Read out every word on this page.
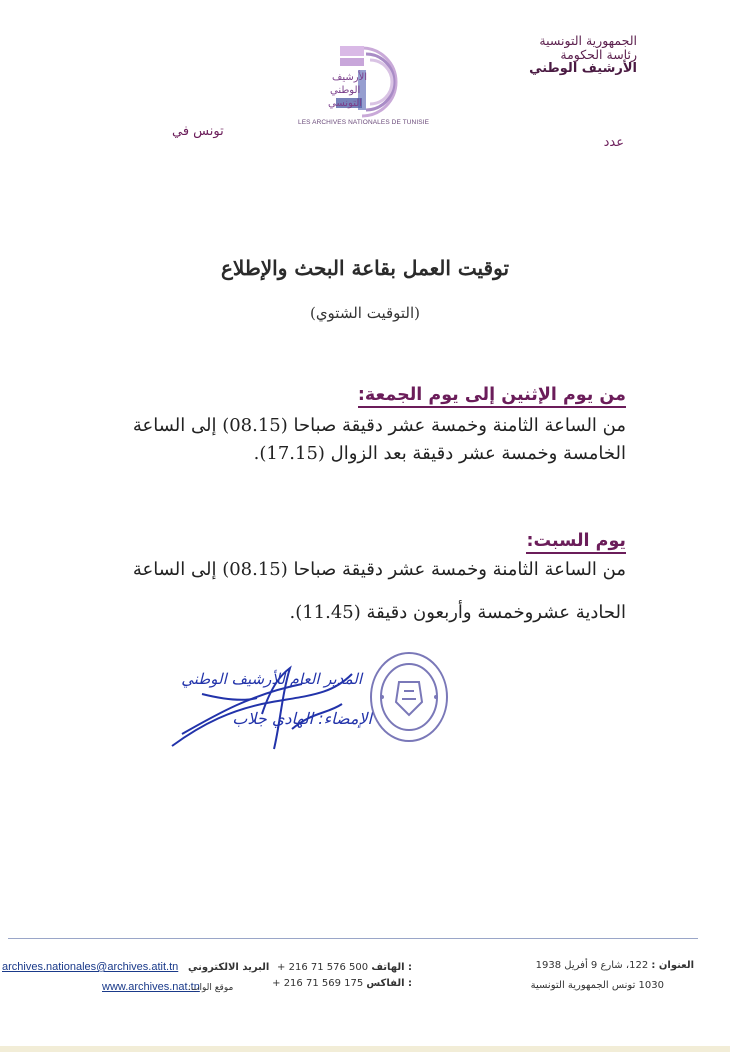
الجمهورية التونسية
رئاسة الحكومة
الأرشيف الوطني
الأرشيف
الوطني
التونسي
LES ARCHIVES NATIONALES DE TUNISIE
تونس في
عدد
توقيت العمل بقاعة البحث والإطلاع
(التوقيت الشتوي)
من يوم الإثنين إلى يوم الجمعة:
من الساعة الثامنة وخمسة عشر دقيقة صباحا (08.15) إلى الساعة
الخامسة وخمسة عشر دقيقة بعد الزوال (17.15).
يوم السبت:
من الساعة الثامنة وخمسة عشر دقيقة صباحا (08.15) إلى الساعة
الحادية عشروخمسة وأربعون دقيقة (11.45).
المدير العام للأرشيف الوطني
الإمضاء: الهادي جلاب
العنوان : 122، شارع 9 أفريل 1938
1030 تونس الجمهورية التونسية
+ 216 71 576 500 الهاتف :
+ 216 71 569 175 الفاكس :
archives.nationales@archives.atit.tn البريد الالكتروني
www.archives.nat.tn
موقع الواب:
